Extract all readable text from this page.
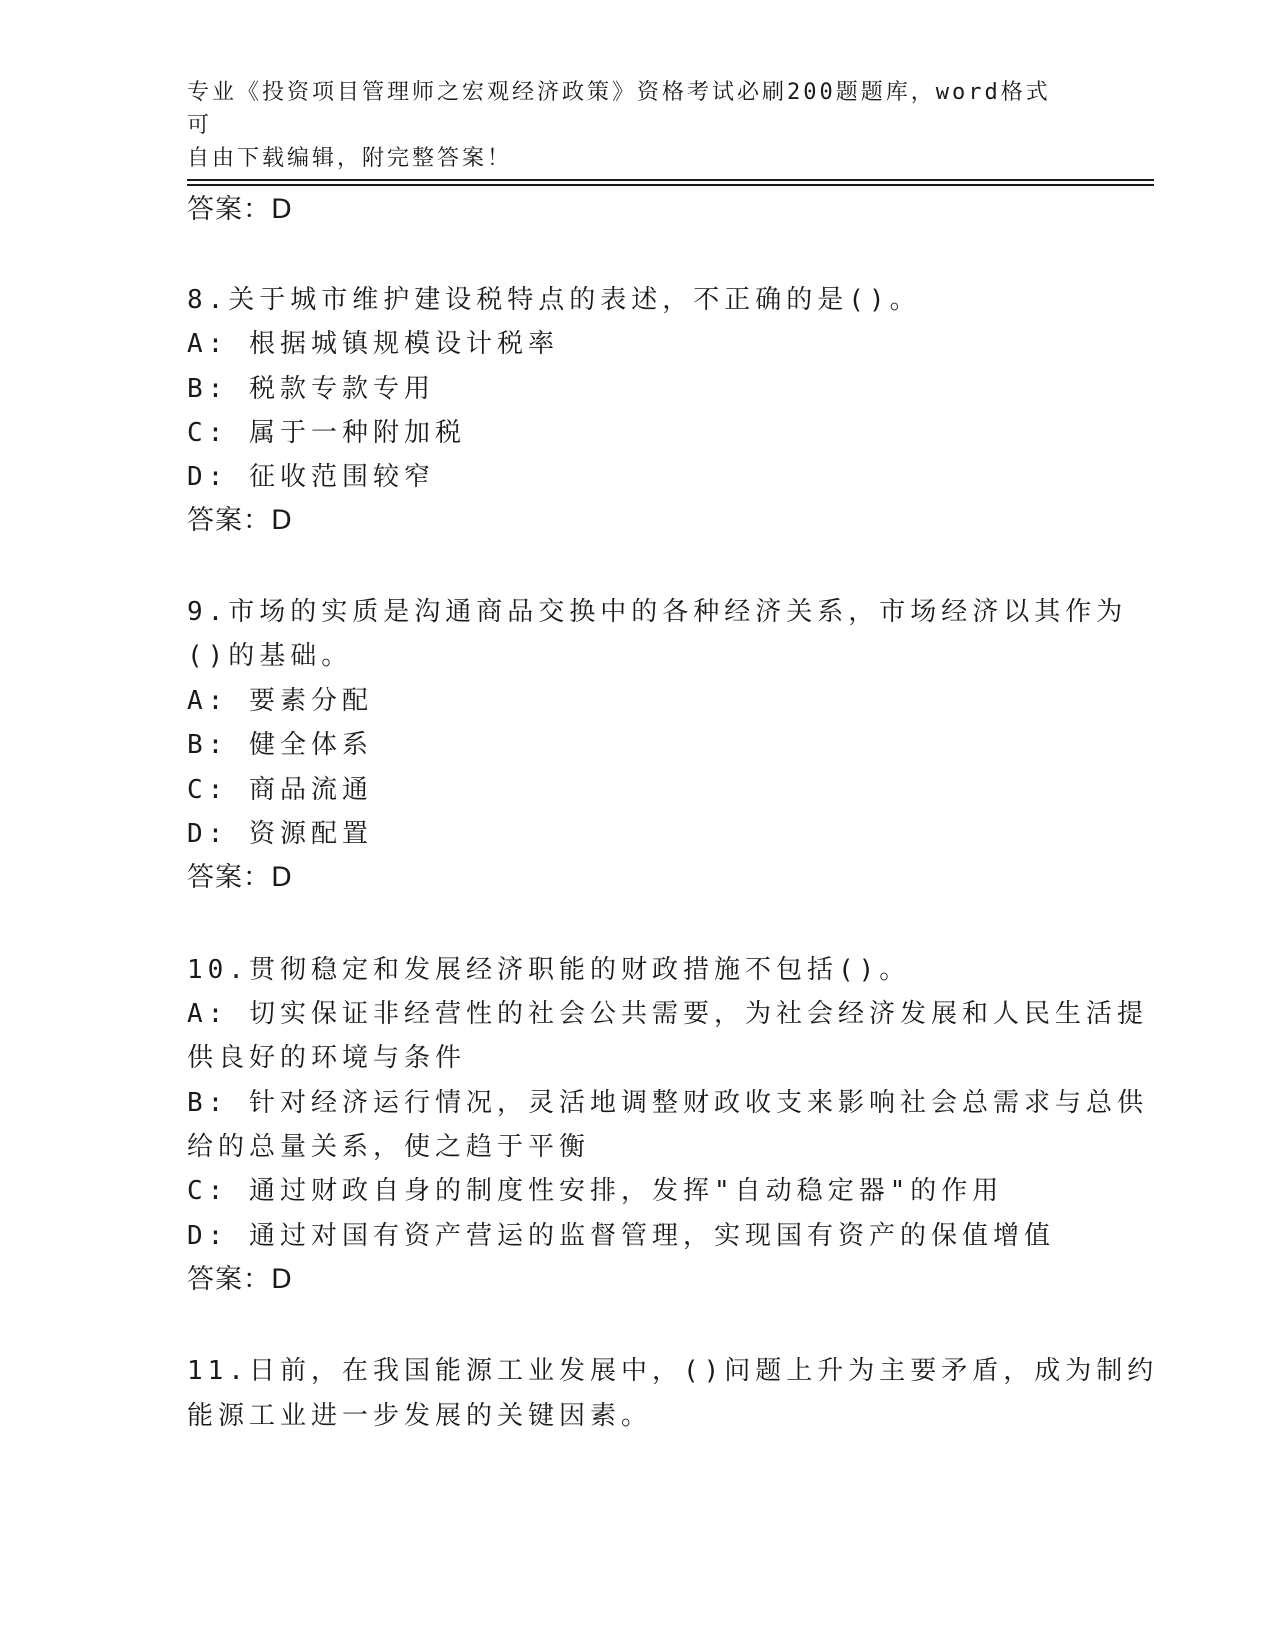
专业《投资项目管理师之宏观经济政策》资格考试必刷200题题库，word格式可
自由下载编辑，附完整答案！
答案：D
8.关于城市维护建设税特点的表述，不正确的是()。
A: 根据城镇规模设计税率
B: 税款专款专用
C: 属于一种附加税
D: 征收范围较窄
答案：D
9.市场的实质是沟通商品交换中的各种经济关系，市场经济以其作为
()的基础。
A: 要素分配
B: 健全体系
C: 商品流通
D: 资源配置
答案：D
10.贯彻稳定和发展经济职能的财政措施不包括()。
A: 切实保证非经营性的社会公共需要，为社会经济发展和人民生活提
供良好的环境与条件
B: 针对经济运行情况，灵活地调整财政收支来影响社会总需求与总供
给的总量关系，使之趋于平衡
C: 通过财政自身的制度性安排，发挥"自动稳定器"的作用
D: 通过对国有资产营运的监督管理，实现国有资产的保值增值
答案：D
11.日前，在我国能源工业发展中，()问题上升为主要矛盾，成为制约
能源工业进一步发展的关键因素。
